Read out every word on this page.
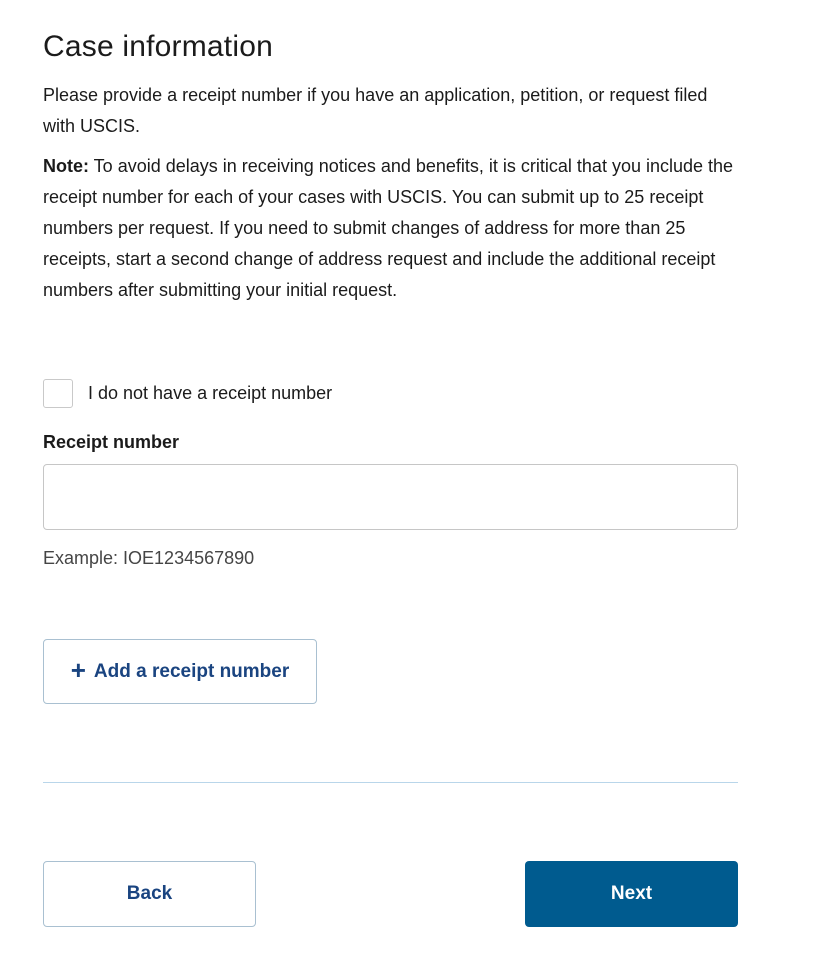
Case information

Please provide a receipt number if you have an application, petition, or request filed with USCIS.

Note: To avoid delays in receiving notices and benefits, it is critical that you include the receipt number for each of your cases with USCIS. You can submit up to 25 receipt numbers per request. If you need to submit changes of address for more than 25 receipts, start a second change of address request and include the additional receipt numbers after submitting your initial request.

I do not have a receipt number
Receipt number
Example: IOE1234567890
+ Add a receipt number
Back	Next
